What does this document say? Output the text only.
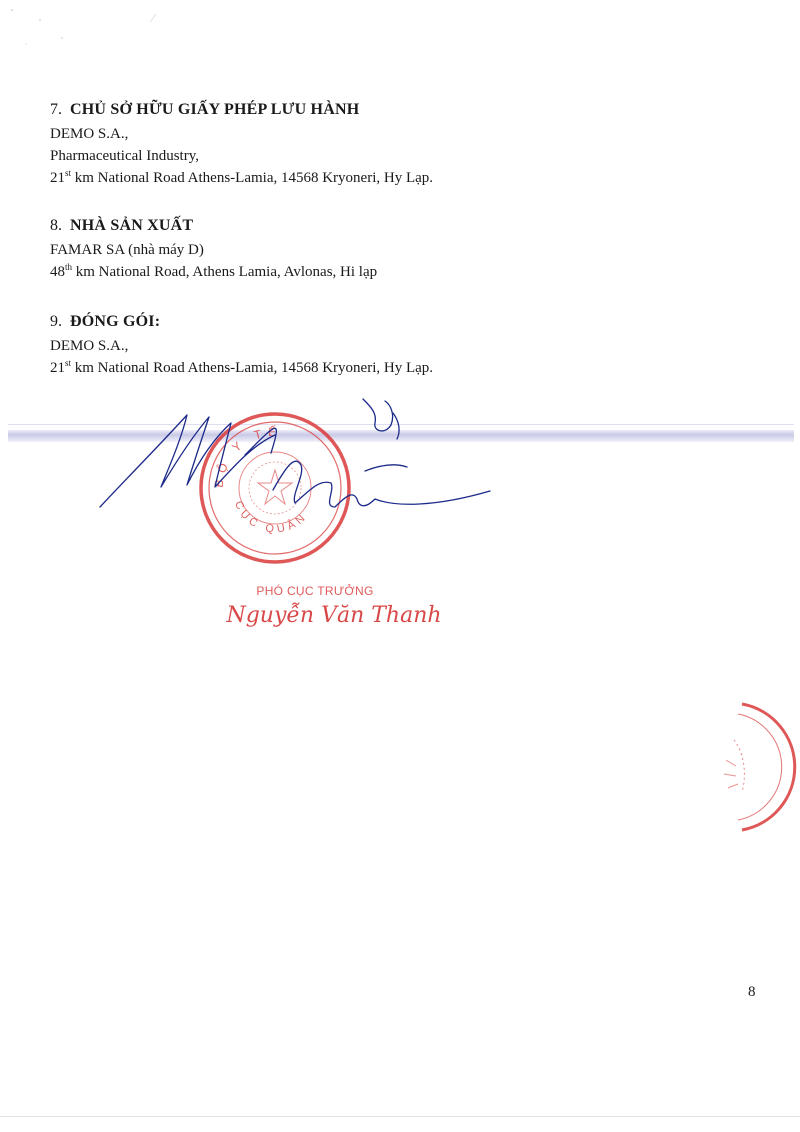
7. CHỦ SỞ HỮU GIẤY PHÉP LƯU HÀNH
DEMO S.A.,
Pharmaceutical Industry,
21st km National Road Athens-Lamia, 14568 Kryoneri, Hy Lạp.
8. NHÀ SẢN XUẤT
FAMAR SA (nhà máy D)
48th km National Road, Athens Lamia, Avlonas, Hi lạp
9. ĐÓNG GÓI:
DEMO S.A.,
21st km National Road Athens-Lamia, 14568 Kryoneri, Hy Lạp.
BỘ Y TẾ
CỤC QUẢN
PHÓ CỤC TRƯỞNG
Nguyễn Văn Thanh
8
